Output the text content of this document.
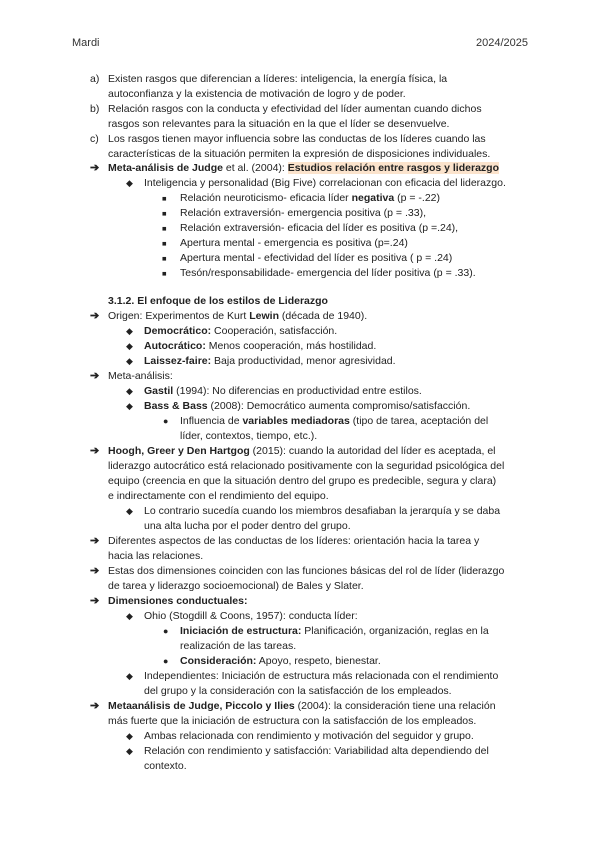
Mardi	2024/2025
a) Existen rasgos que diferencian a líderes: inteligencia, la energía física, la
autoconfianza y la existencia de motivación de logro y de poder.
b) Relación rasgos con la conducta y efectividad del líder aumentan cuando dichos
rasgos son relevantes para la situación en la que el líder se desenvuelve.
c) Los rasgos tienen mayor influencia sobre las conductas de los líderes cuando las
características de la situación permiten la expresión de disposiciones individuales.
➔ Meta-análisis de Judge et al. (2004): Estudios relación entre rasgos y liderazgo
◆ Inteligencia y personalidad (Big Five) correlacionan con eficacia del liderazgo.
■ Relación neuroticismo- eficacia líder negativa (p = -.22)
■ Relación extraversión- emergencia positiva (p = .33),
■ Relación extraversión- eficacia del líder es positiva (p =.24),
■ Apertura mental - emergencia es positiva (p=.24)
■ Apertura mental - efectividad del líder es positiva ( p = .24)
■ Tesón/responsabilidade- emergencia del líder positiva (p = .33).
3.1.2. El enfoque de los estilos de Liderazgo
➔ Origen: Experimentos de Kurt Lewin (década de 1940).
◆ Democrático: Cooperación, satisfacción.
◆ Autocrático: Menos cooperación, más hostilidad.
◆ Laissez-faire: Baja productividad, menor agresividad.
➔ Meta-análisis:
◆ Gastil (1994): No diferencias en productividad entre estilos.
◆ Bass & Bass (2008): Democrático aumenta compromiso/satisfacción.
● Influencia de variables mediadoras (tipo de tarea, aceptación del
líder, contextos, tiempo, etc.).
➔ Hoogh, Greer y Den Hartgog (2015): cuando la autoridad del líder es aceptada, el
liderazgo autocrático está relacionado positivamente con la seguridad psicológica del
equipo (creencia en que la situación dentro del grupo es predecible, segura y clara)
e indirectamente con el rendimiento del equipo.
◆ Lo contrario sucedía cuando los miembros desafiaban la jerarquía y se daba
una alta lucha por el poder dentro del grupo.
➔ Diferentes aspectos de las conductas de los líderes: orientación hacia la tarea y
hacia las relaciones.
➔ Estas dos dimensiones coinciden con las funciones básicas del rol de líder (liderazgo
de tarea y liderazgo socioemocional) de Bales y Slater.
➔ Dimensiones conductuales:
◆ Ohio (Stogdill & Coons, 1957): conducta líder:
● Iniciación de estructura: Planificación, organización, reglas en la
realización de las tareas.
● Consideración: Apoyo, respeto, bienestar.
◆ Independientes: Iniciación de estructura más relacionada con el rendimiento
del grupo y la consideración con la satisfacción de los empleados.
➔ Metaanálisis de Judge, Piccolo y Ilies (2004): la consideración tiene una relación
más fuerte que la iniciación de estructura con la satisfacción de los empleados.
◆ Ambas relacionada con rendimiento y motivación del seguidor y grupo.
◆ Relación con rendimiento y satisfacción: Variabilidad alta dependiendo del
contexto.
